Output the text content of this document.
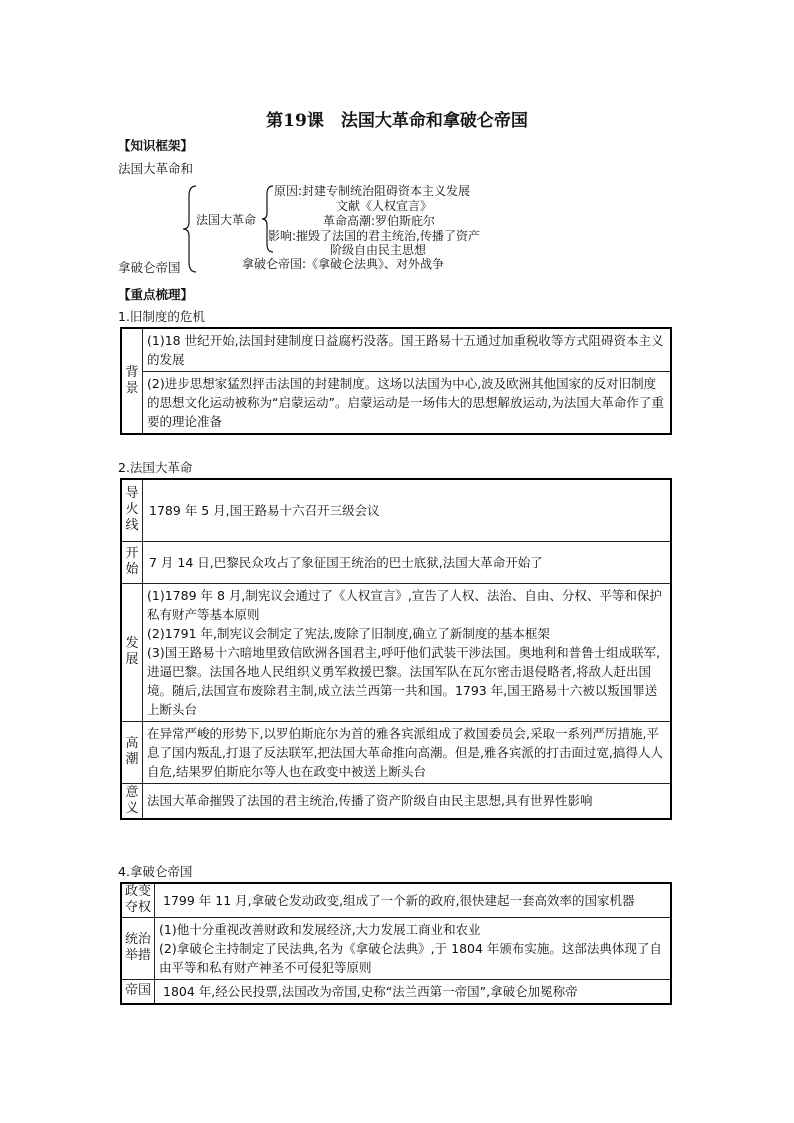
第19课　法国大革命和拿破仑帝国
【知识框架】
法国大革命和
拿破仑帝国
法国大革命
原因:封建专制统治阻碍资本主义发展
文献《人权宣言》
革命高潮:罗伯斯庇尔
影响:摧毁了法国的君主统治,传播了资产
阶级自由民主思想
拿破仑帝国:《拿破仑法典》、对外战争
【重点梳理】
1.旧制度的危机
背景	(1)18 世纪开始,法国封建制度日益腐朽没落。国王路易十五通过加重税收等方式阻碍资本主义的发展
(2)进步思想家猛烈抨击法国的封建制度。这场以法国为中心,波及欧洲其他国家的反对旧制度的思想文化运动被称为“启蒙运动”。启蒙运动是一场伟大的思想解放运动,为法国大革命作了重要的理论准备
2.法国大革命
导火线	1789 年 5 月,国王路易十六召开三级会议
开始	7 月 14 日,巴黎民众攻占了象征国王统治的巴士底狱,法国大革命开始了
发展	(1)1789 年 8 月,制宪议会通过了《人权宣言》,宣告了人权、法治、自由、分权、平等和保护私有财产等基本原则
(2)1791 年,制宪议会制定了宪法,废除了旧制度,确立了新制度的基本框架
(3)国王路易十六暗地里致信欧洲各国君主,呼吁他们武装干涉法国。奥地利和普鲁士组成联军,进逼巴黎。法国各地人民组织义勇军救援巴黎。法国军队在瓦尔密击退侵略者,将敌人赶出国境。随后,法国宣布废除君主制,成立法兰西第一共和国。1793 年,国王路易十六被以叛国罪送上断头台

高潮	在异常严峻的形势下,以罗伯斯庇尔为首的雅各宾派组成了救国委员会,采取一系列严厉措施,平息了国内叛乱,打退了反法联军,把法国大革命推向高潮。但是,雅各宾派的打击面过宽,搞得人人自危,结果罗伯斯庇尔等人也在政变中被送上断头台
意义	法国大革命摧毁了法国的君主统治,传播了资产阶级自由民主思想,具有世界性影响
4.拿破仑帝国
政变夺权	1799 年 11 月,拿破仑发动政变,组成了一个新的政府,很快建起一套高效率的国家机器
统治举措	(1)他十分重视改善财政和发展经济,大力发展工商业和农业
(2)拿破仑主持制定了民法典,名为《拿破仑法典》,于 1804 年颁布实施。这部法典体现了自由平等和私有财产神圣不可侵犯等原则

帝国	1804 年,经公民投票,法国改为帝国,史称“法兰西第一帝国”,拿破仑加冕称帝
